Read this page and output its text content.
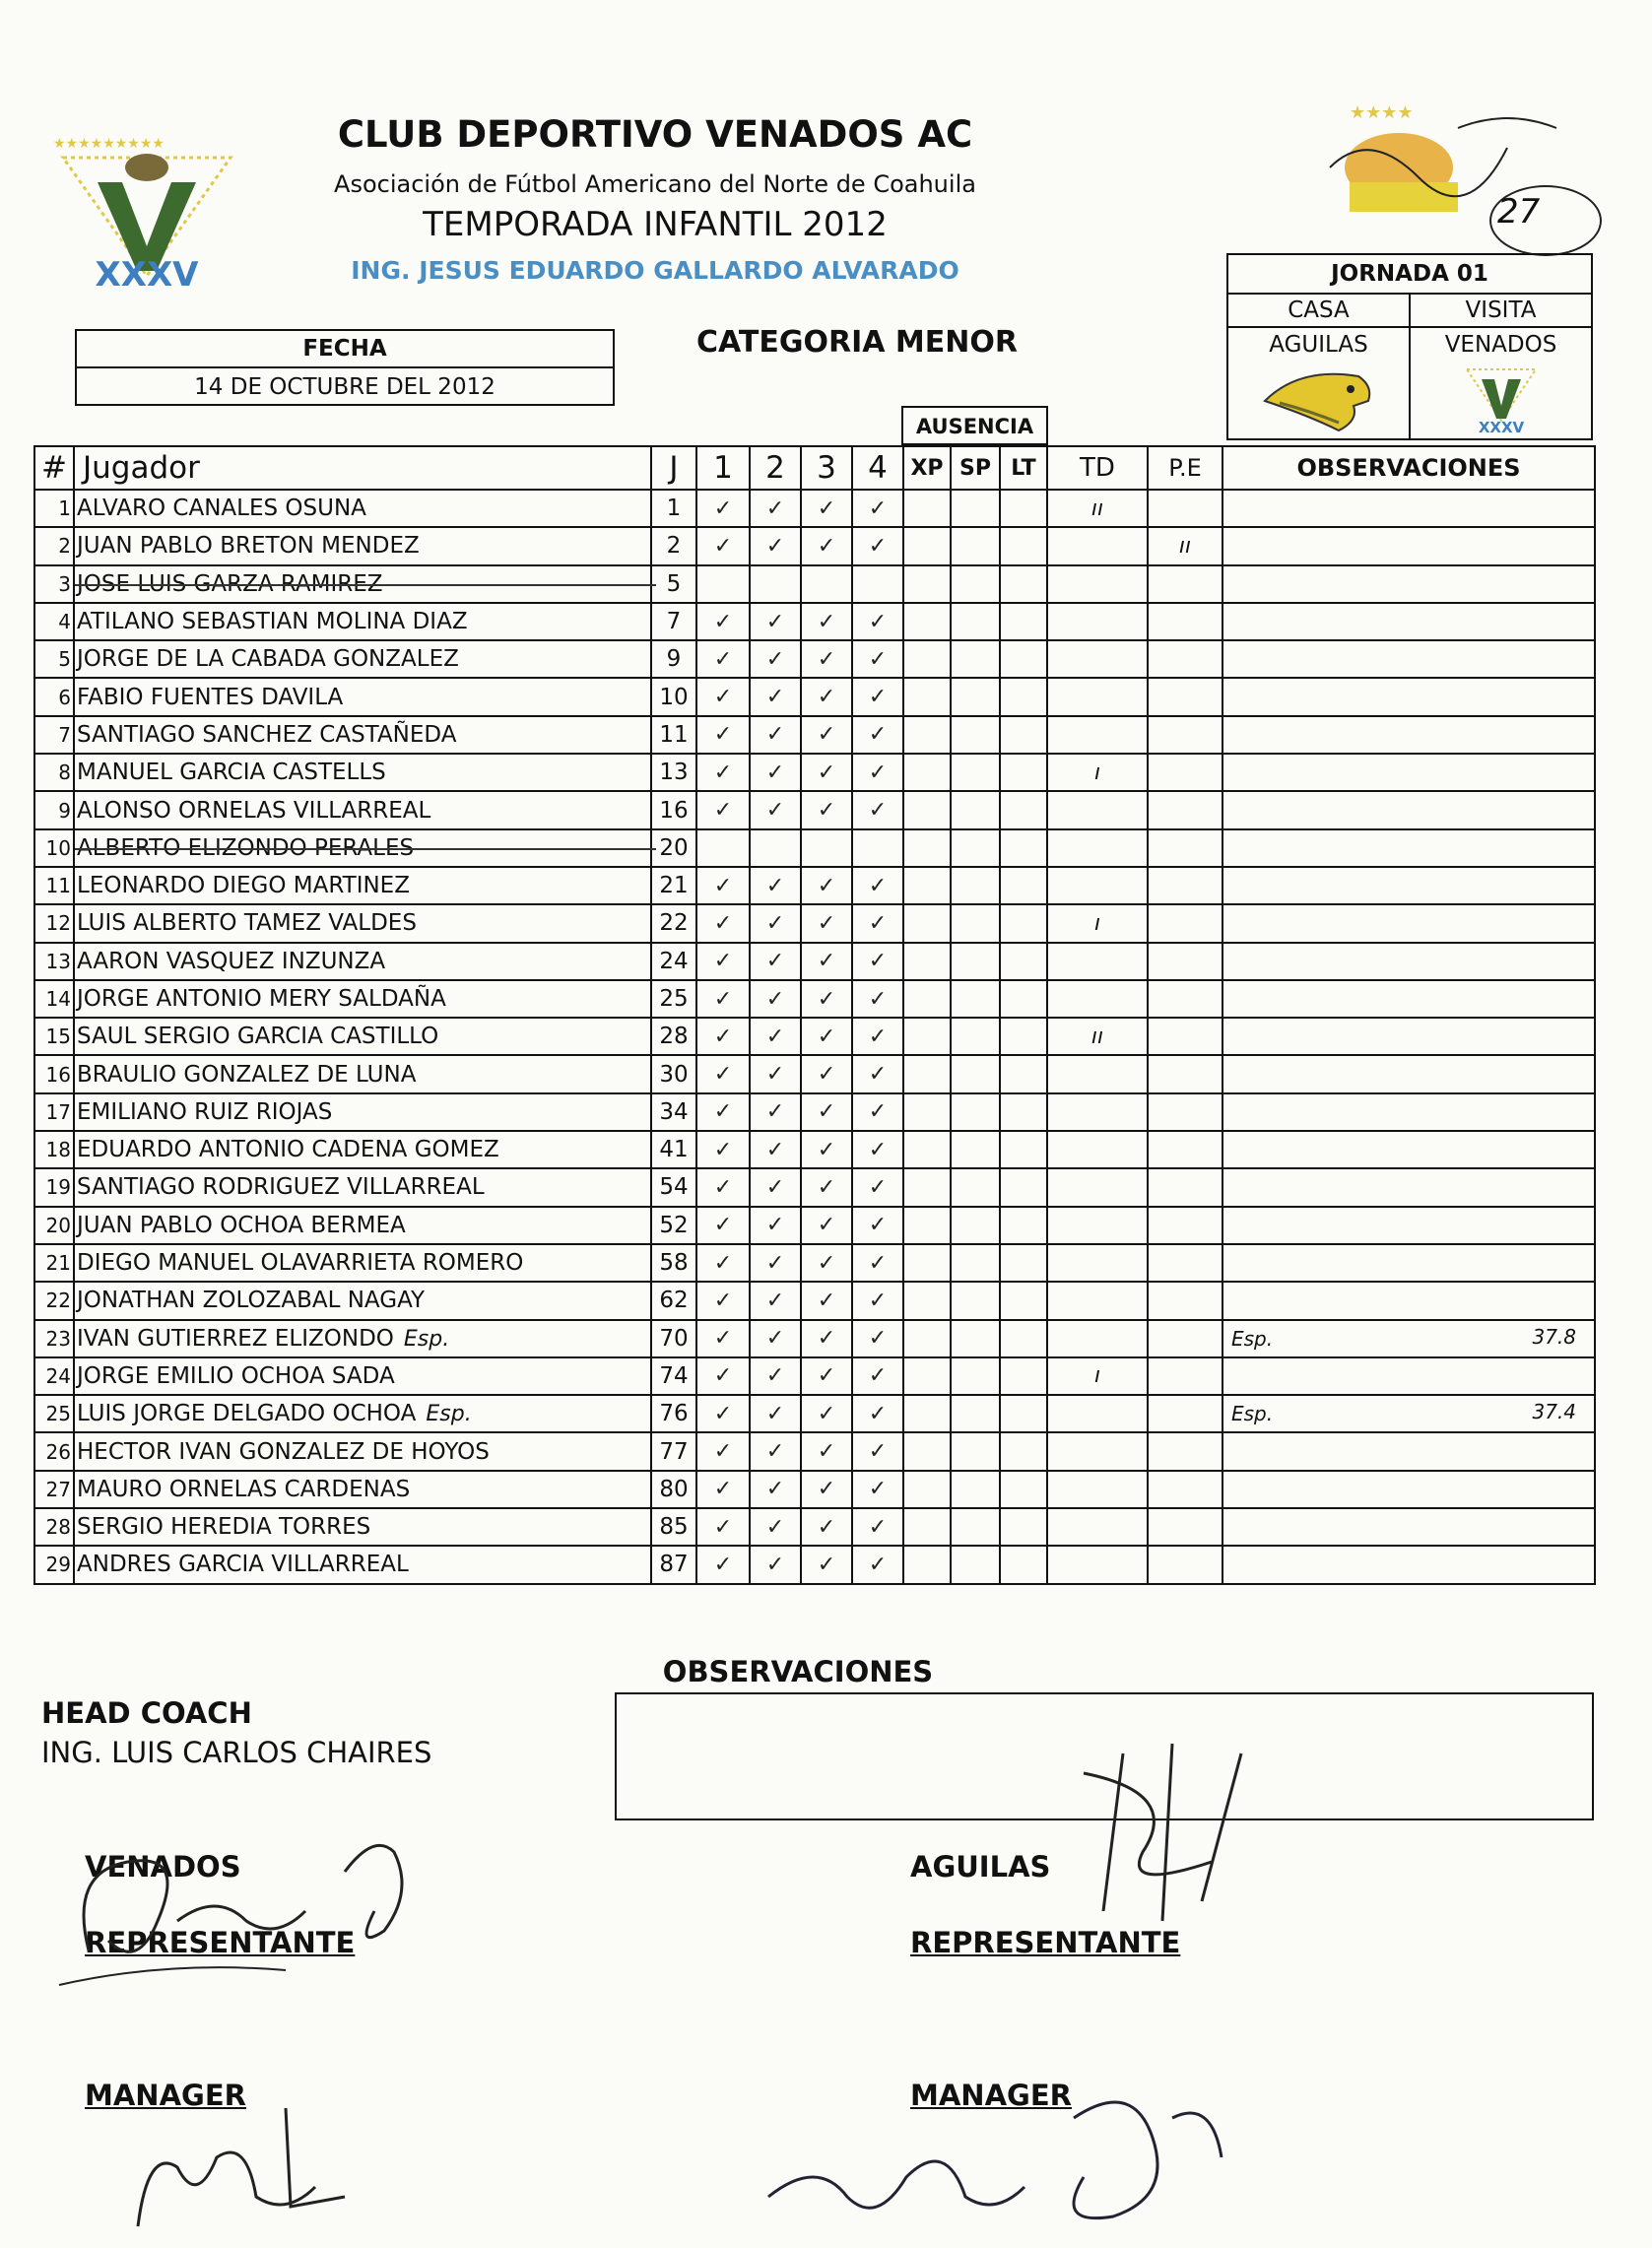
★★★★★★★★★
XXXV
CLUB DEPORTIVO VENADOS AC
Asociación de Fútbol Americano del Norte de Coahuila
TEMPORADA INFANTIL 2012
ING. JESUS EDUARDO GALLARDO ALVARADO
★★★★
27
FECHA
14 DE OCTUBRE DEL 2012
CATEGORIA MENOR
JORNADA 01
CASA
AGUILAS
VISITA
VENADOS
XXXV
AUSENCIA
#	Jugador	J	1	2	3	4	XP	SP	LT	TD	P.E	OBSERVACIONES
1	ALVARO CANALES OSUNA	1	✓	✓	✓	✓				ıı		
2	JUAN PABLO BRETON MENDEZ	2	✓	✓	✓	✓					ıı	
3	JOSE LUIS GARZA RAMIREZ	5										
4	ATILANO SEBASTIAN MOLINA DIAZ	7	✓	✓	✓	✓						
5	JORGE DE LA CABADA GONZALEZ	9	✓	✓	✓	✓						
6	FABIO FUENTES DAVILA	10	✓	✓	✓	✓						
7	SANTIAGO SANCHEZ CASTAÑEDA	11	✓	✓	✓	✓						
8	MANUEL GARCIA CASTELLS	13	✓	✓	✓	✓				ı		
9	ALONSO ORNELAS VILLARREAL	16	✓	✓	✓	✓						
10	ALBERTO ELIZONDO PERALES	20										
11	LEONARDO DIEGO MARTINEZ	21	✓	✓	✓	✓						
12	LUIS ALBERTO TAMEZ VALDES	22	✓	✓	✓	✓				ı		
13	AARON VASQUEZ INZUNZA	24	✓	✓	✓	✓						
14	JORGE ANTONIO MERY SALDAÑA	25	✓	✓	✓	✓						
15	SAUL SERGIO GARCIA CASTILLO	28	✓	✓	✓	✓				ıı		
16	BRAULIO GONZALEZ DE LUNA	30	✓	✓	✓	✓						
17	EMILIANO RUIZ RIOJAS	34	✓	✓	✓	✓						
18	EDUARDO ANTONIO CADENA GOMEZ	41	✓	✓	✓	✓						
19	SANTIAGO RODRIGUEZ VILLARREAL	54	✓	✓	✓	✓						
20	JUAN PABLO OCHOA BERMEA	52	✓	✓	✓	✓						
21	DIEGO MANUEL OLAVARRIETA ROMERO	58	✓	✓	✓	✓						
22	JONATHAN ZOLOZABAL NAGAY	62	✓	✓	✓	✓						
23	IVAN GUTIERREZ ELIZONDO Esp.	70	✓	✓	✓	✓						Esp. 37.8

24	JORGE EMILIO OCHOA SADA	74	✓	✓	✓	✓				ı		
25	LUIS JORGE DELGADO OCHOA Esp.	76	✓	✓	✓	✓						Esp. 37.4

26	HECTOR IVAN GONZALEZ DE HOYOS	77	✓	✓	✓	✓						
27	MAURO ORNELAS CARDENAS	80	✓	✓	✓	✓						
28	SERGIO HEREDIA TORRES	85	✓	✓	✓	✓						
29	ANDRES GARCIA VILLARREAL	87	✓	✓	✓	✓						
OBSERVACIONES
HEAD COACH
ING. LUIS CARLOS CHAIRES
VENADOS
REPRESENTANTE
AGUILAS
REPRESENTANTE
MANAGER	MANAGER
